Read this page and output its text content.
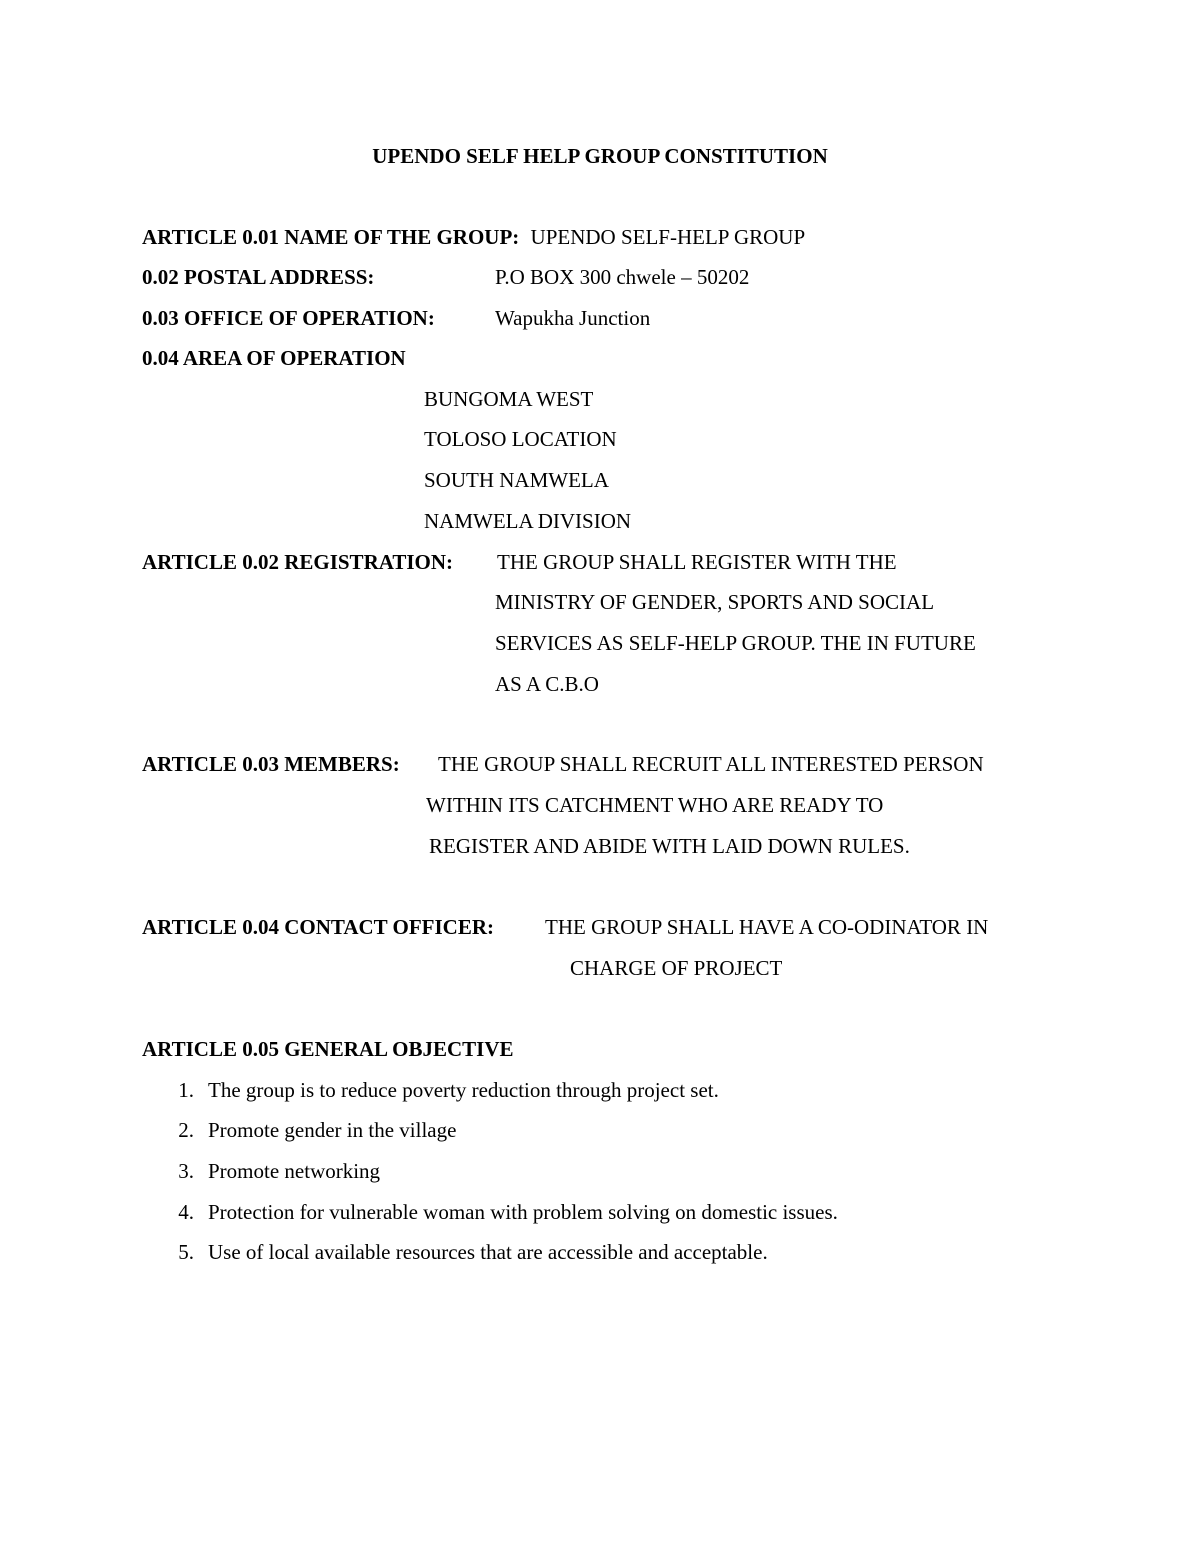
UPENDO SELF HELP GROUP CONSTITUTION
ARTICLE 0.01 NAME OF THE GROUP: UPENDO SELF-HELP GROUP
0.02 POSTAL ADDRESS:	P.O BOX 300 chwele – 50202
0.03 OFFICE OF OPERATION:	Wapukha Junction
0.04 AREA OF OPERATION
BUNGOMA WEST
TOLOSO LOCATION
SOUTH NAMWELA
NAMWELA DIVISION
ARTICLE 0.02 REGISTRATION: THE GROUP SHALL REGISTER WITH THE
MINISTRY OF GENDER, SPORTS AND SOCIAL
SERVICES AS SELF-HELP GROUP. THE IN FUTURE
AS A C.B.O
ARTICLE 0.03 MEMBERS: THE GROUP SHALL RECRUIT ALL INTERESTED PERSON
WITHIN ITS CATCHMENT WHO ARE READY TO
REGISTER AND ABIDE WITH LAID DOWN RULES.
ARTICLE 0.04 CONTACT OFFICER: THE GROUP SHALL HAVE A CO-ODINATOR IN
CHARGE OF PROJECT
ARTICLE 0.05 GENERAL OBJECTIVE
1. The group is to reduce poverty reduction through project set.
2. Promote gender in the village
3. Promote networking
4. Protection for vulnerable woman with problem solving on domestic issues.
5. Use of local available resources that are accessible and acceptable.
